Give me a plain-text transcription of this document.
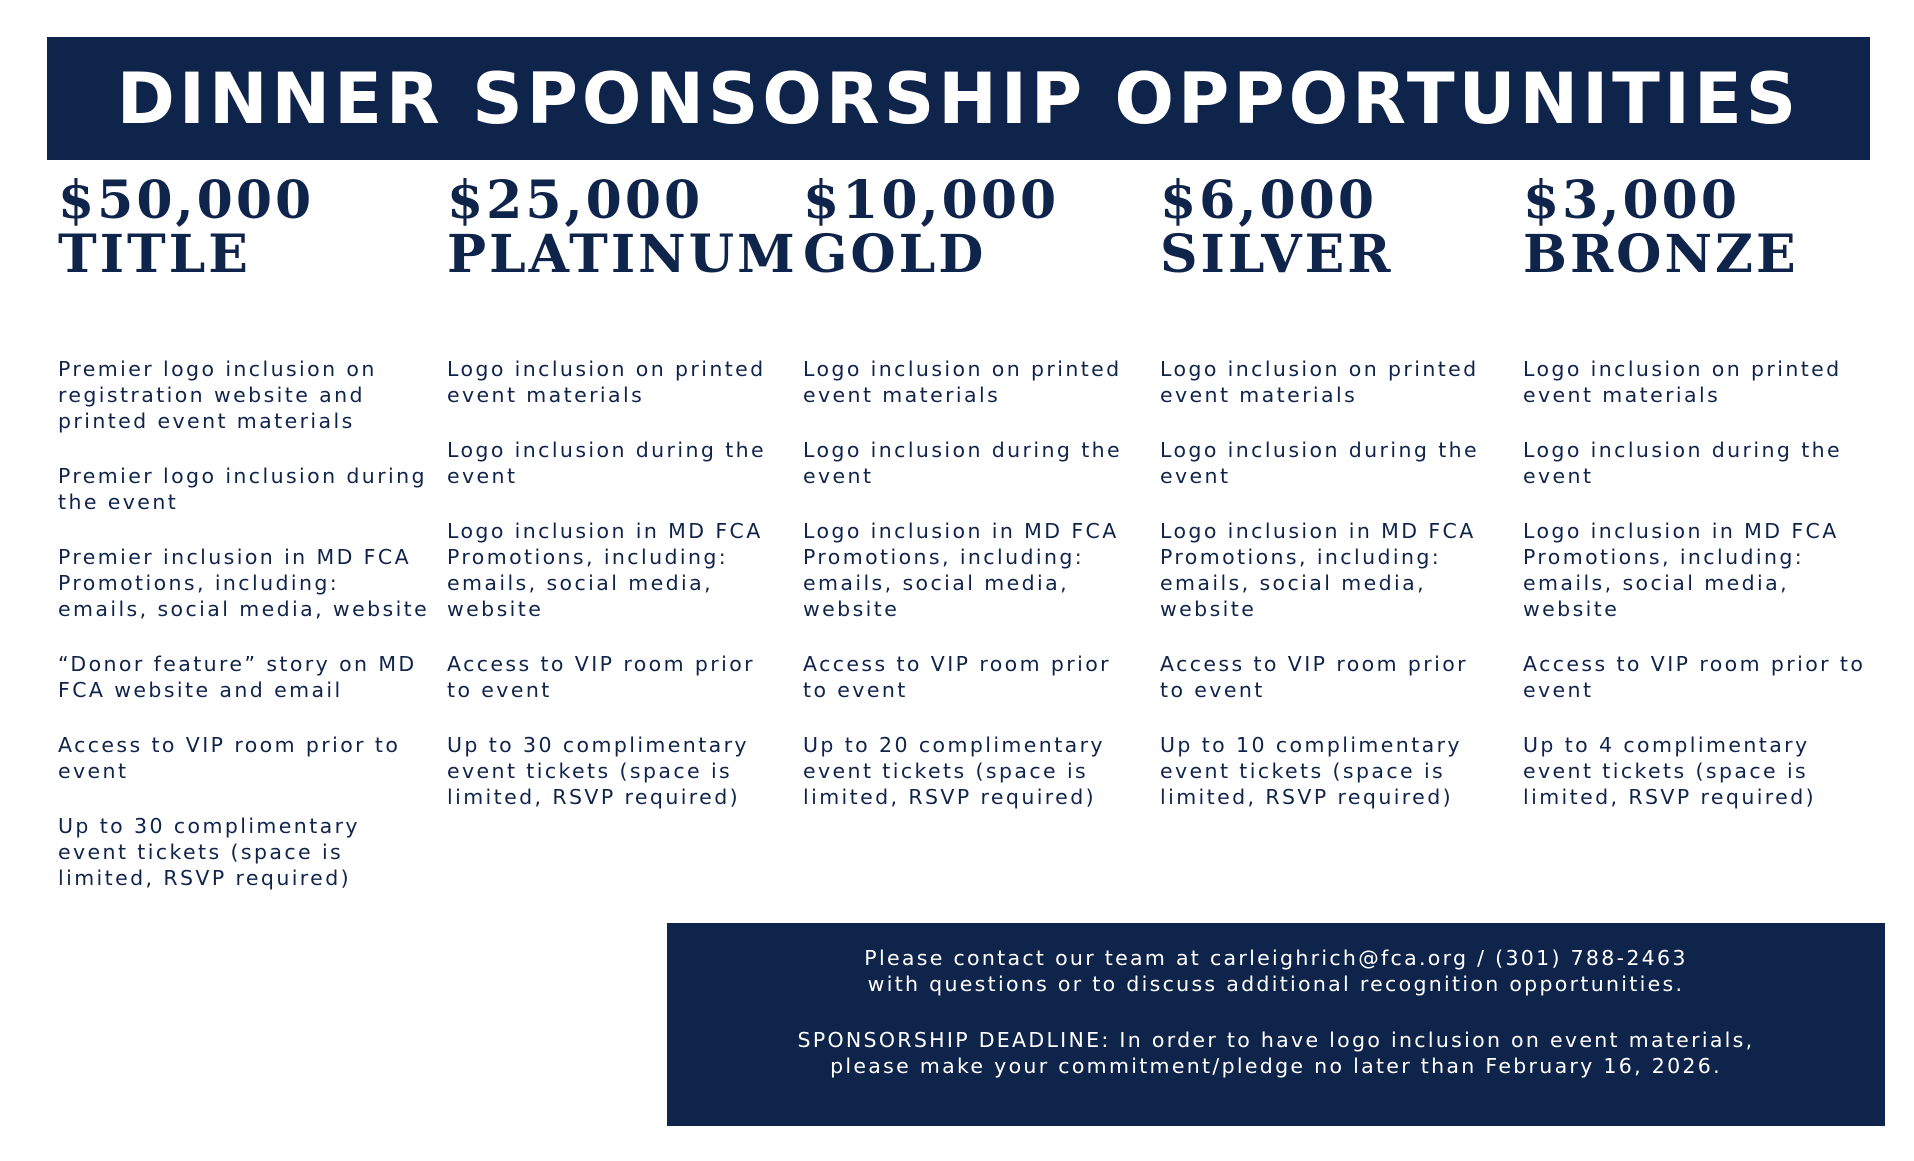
DINNER SPONSORSHIP OPPORTUNITIES
$50,000
TITLE
Premier logo inclusion on registration website and printed event materials
Premier logo inclusion during the event
Premier inclusion in MD FCA Promotions, including: emails, social media, website
“Donor feature” story on MD FCA website and email
Access to VIP room prior to event
Up to 30 complimentary event tickets (space is limited, RSVP required)
$25,000
PLATINUM
Logo inclusion on printed event materials
Logo inclusion during the event
Logo inclusion in MD FCA Promotions, including: emails, social media, website
Access to VIP room prior to event
Up to 30 complimentary event tickets (space is limited, RSVP required)
$10,000
GOLD
Logo inclusion on printed event materials
Logo inclusion during the event
Logo inclusion in MD FCA Promotions, including: emails, social media, website
Access to VIP room prior to event
Up to 20 complimentary event tickets (space is limited, RSVP required)
$6,000
SILVER
Logo inclusion on printed event materials
Logo inclusion during the event
Logo inclusion in MD FCA Promotions, including: emails, social media, website
Access to VIP room prior to event
Up to 10 complimentary event tickets (space is limited, RSVP required)
$3,000
BRONZE
Logo inclusion on printed event materials
Logo inclusion during the event
Logo inclusion in MD FCA Promotions, including: emails, social media, website
Access to VIP room prior to event
Up to 4 complimentary event tickets (space is limited, RSVP required)

Please contact our team at carleighrich@fca.org / (301) 788-2463

with questions or to discuss additional recognition opportunities.

SPONSORSHIP DEADLINE: In order to have logo inclusion on event materials,

please make your commitment/pledge no later than February 16, 2026.
